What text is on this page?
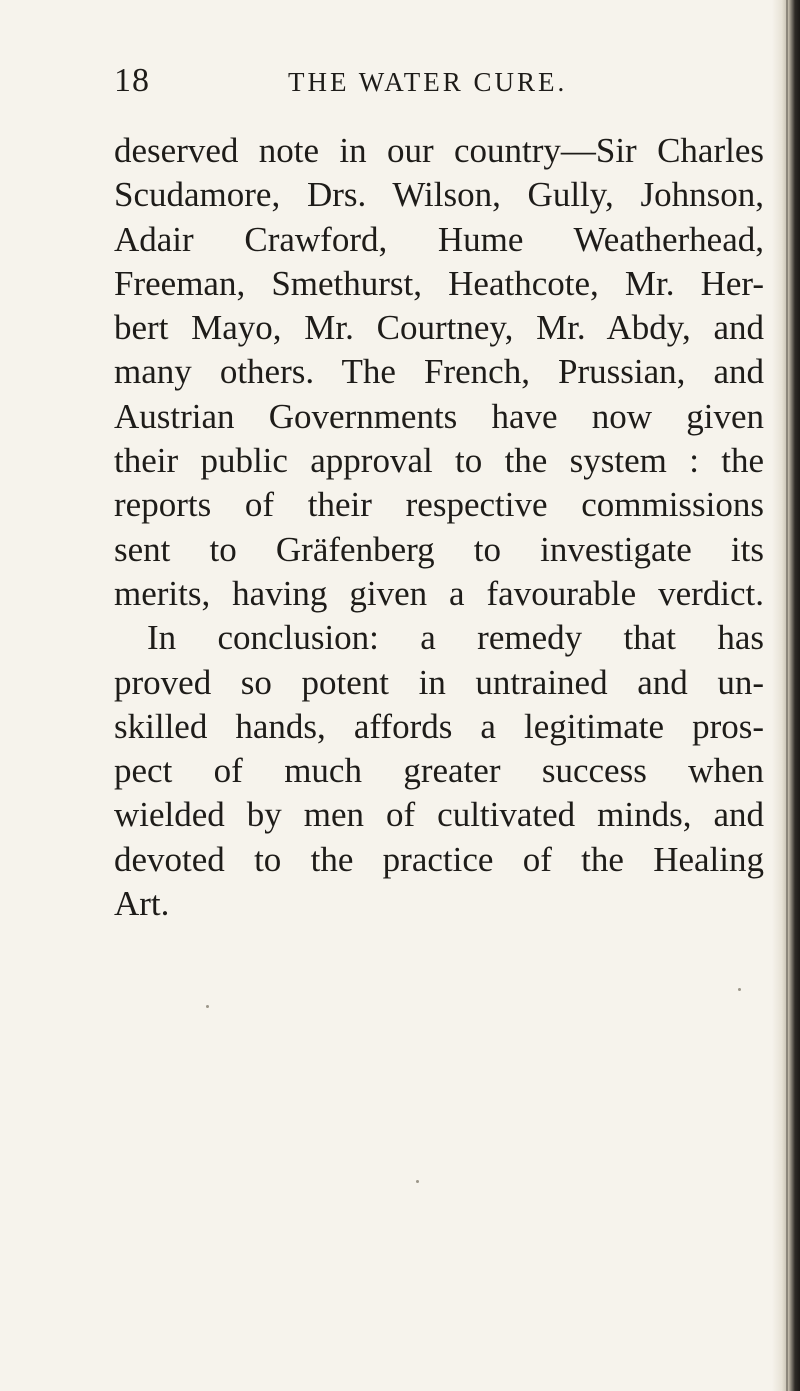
18	THE WATER CURE.
deserved note in our country—Sir Charles
Scudamore, Drs. Wilson, Gully, Johnson,
Adair Crawford, Hume Weatherhead,
Freeman, Smethurst, Heathcote, Mr. Her-
bert Mayo, Mr. Courtney, Mr. Abdy, and
many others. The French, Prussian, and
Austrian Governments have now given
their public approval to the system : the
reports of their respective commissions
sent to Gräfenberg to investigate its
merits, having given a favourable verdict.
In conclusion: a remedy that has
proved so potent in untrained and un-
skilled hands, affords a legitimate pros-
pect of much greater success when
wielded by men of cultivated minds, and
devoted to the practice of the Healing
Art.
